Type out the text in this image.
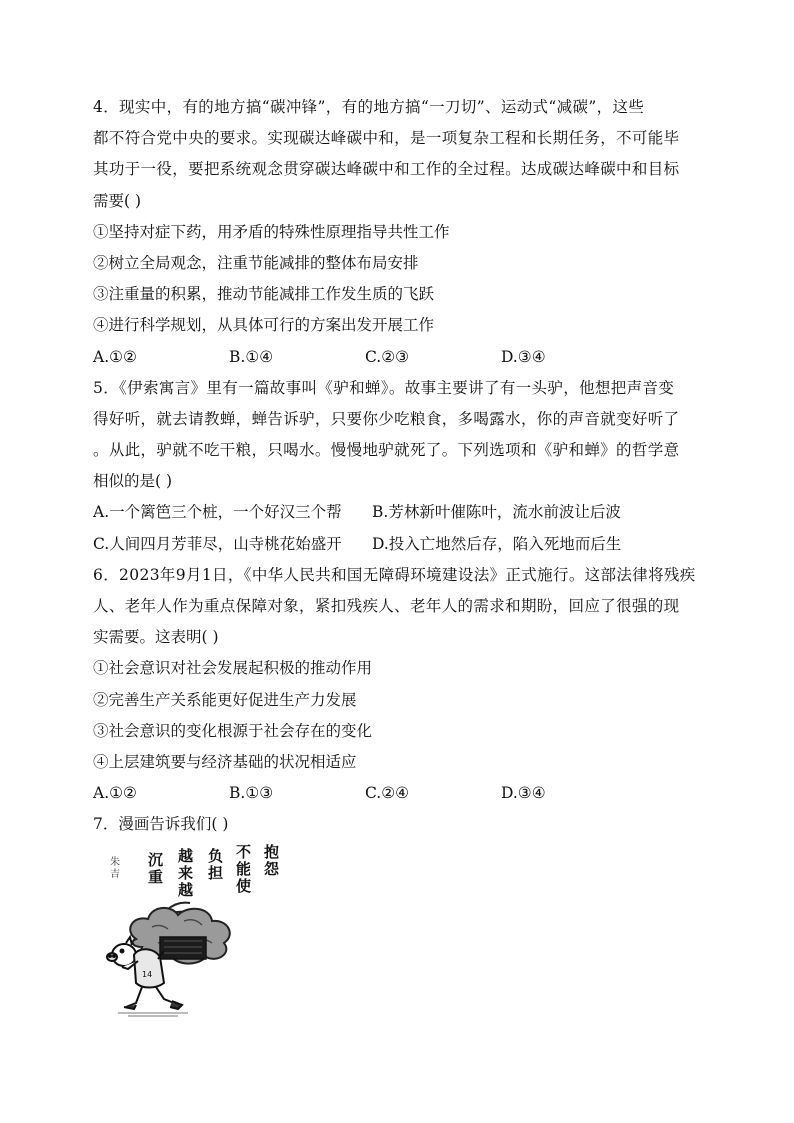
4．现实中，有的地方搞“碳冲锋”，有的地方搞“一刀切”、运动式“减碳”，这些
都不符合党中央的要求。实现碳达峰碳中和，是一项复杂工程和长期任务，不可能毕
其功于一役，要把系统观念贯穿碳达峰碳中和工作的全过程。达成碳达峰碳中和目标
需要( )
①坚持对症下药，用矛盾的特殊性原理指导共性工作
②树立全局观念，注重节能减排的整体布局安排
③注重量的积累，推动节能减排工作发生质的飞跃
④进行科学规划，从具体可行的方案出发开展工作
A.①②	B.①④	C.②③	D.③④
5．《伊索寓言》里有一篇故事叫《驴和蝉》。故事主要讲了有一头驴，他想把声音变
得好听，就去请教蝉，蝉告诉驴，只要你少吃粮食，多喝露水，你的声音就变好听了
。从此，驴就不吃干粮，只喝水。慢慢地驴就死了。下列选项和《驴和蝉》的哲学意
相似的是( )
A.一个篱笆三个桩，一个好汉三个帮	B.芳林新叶催陈叶，流水前波让后波
C.人间四月芳菲尽，山寺桃花始盛开	D.投入亡地然后存，陷入死地而后生
6．2023年9月1日，《中华人民共和国无障碍环境建设法》正式施行。这部法律将残疾
人、老年人作为重点保障对象，紧扣残疾人、老年人的需求和期盼，回应了很强的现
实需要。这表明( )
①社会意识对社会发展起积极的推动作用
②完善生产关系能更好促进生产力发展
③社会意识的变化根源于社会存在的变化
④上层建筑要与经济基础的状况相适应
A.①②	B.①③	C.②④	D.③④
7．漫画告诉我们( )
抱怨
不能使
负担
越来越
沉重
朱吉
14
